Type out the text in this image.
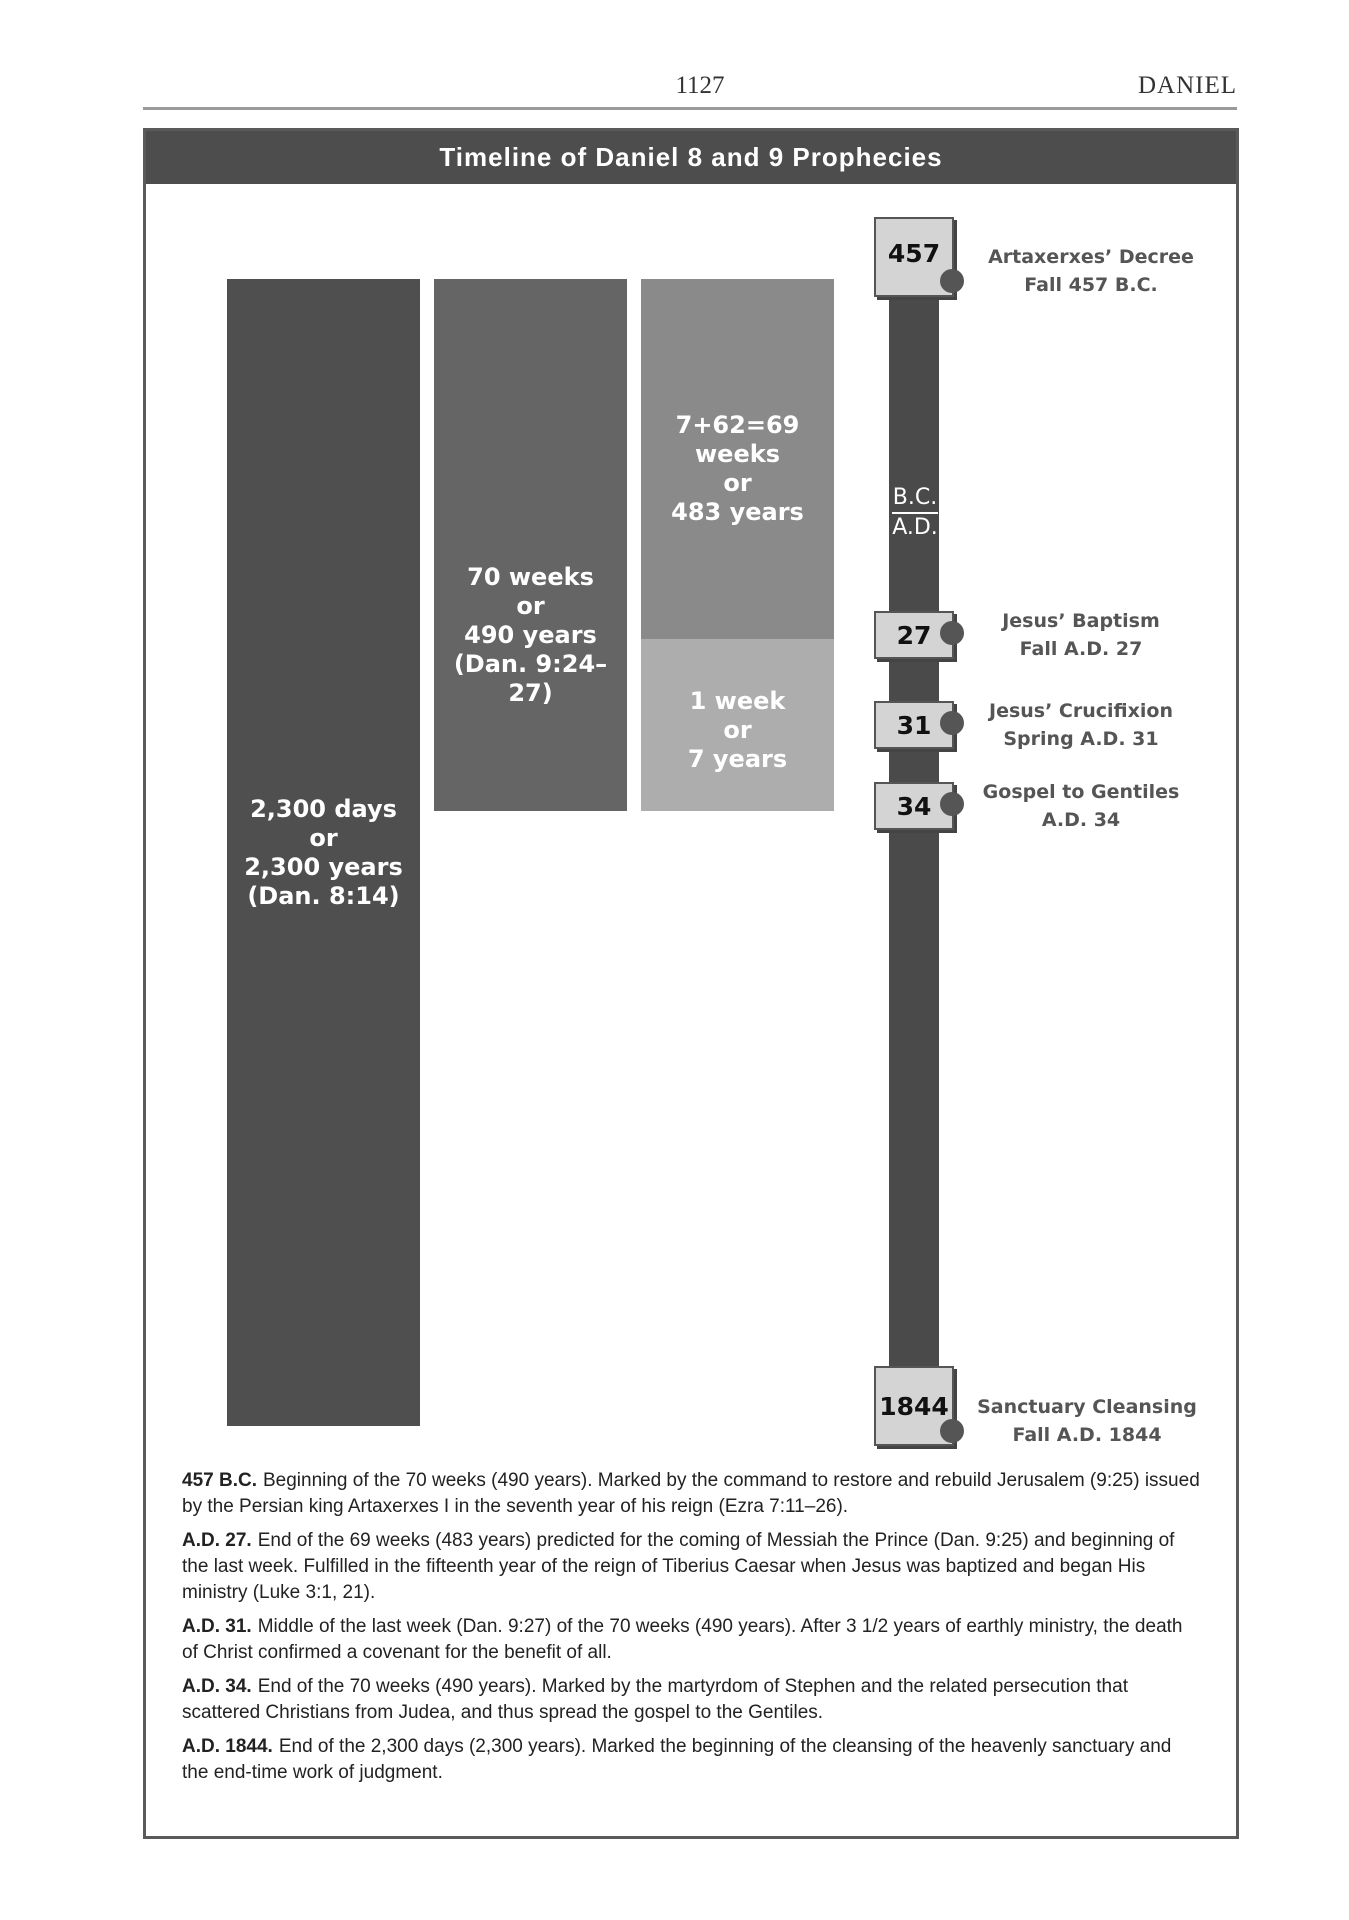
1127	DANIEL
Timeline of Daniel 8 and 9 Prophecies
2,300 days
or
2,300 years
(Dan. 8:14)
70 weeks
or
490 years
(Dan. 9:24–27)
7+62=69
weeks
or
483 years
1 week
or
7 years
B.C.
A.D.
457	Artaxerxes’ Decree
Fall 457 B.C.
27	Jesus’ Baptism
Fall A.D. 27
31	Jesus’ Crucifixion
Spring A.D. 31
34	Gospel to Gentiles
A.D. 34
1844 Sanctuary Cleansing
Fall A.D. 1844

457 B.C. Beginning of the 70 weeks (490 years). Marked by the command to restore and rebuild Jerusalem (9:25) issued by the Persian king Artaxerxes I in the seventh year of his reign (Ezra 7:11–26).

A.D. 27. End of the 69 weeks (483 years) predicted for the coming of Messiah the Prince (Dan. 9:25) and beginning of the last week. Fulfilled in the fifteenth year of the reign of Tiberius Caesar when Jesus was baptized and began His ministry (Luke 3:1, 21).

A.D. 31. Middle of the last week (Dan. 9:27) of the 70 weeks (490 years). After 3 1/2 years of earthly ministry, the death of Christ confirmed a covenant for the benefit of all.

A.D. 34. End of the 70 weeks (490 years). Marked by the martyrdom of Stephen and the related persecution that scattered Christians from Judea, and thus spread the gospel to the Gentiles.

A.D. 1844. End of the 2,300 days (2,300 years). Marked the beginning of the cleansing of the heavenly sanctuary and the end-time work of judgment.
